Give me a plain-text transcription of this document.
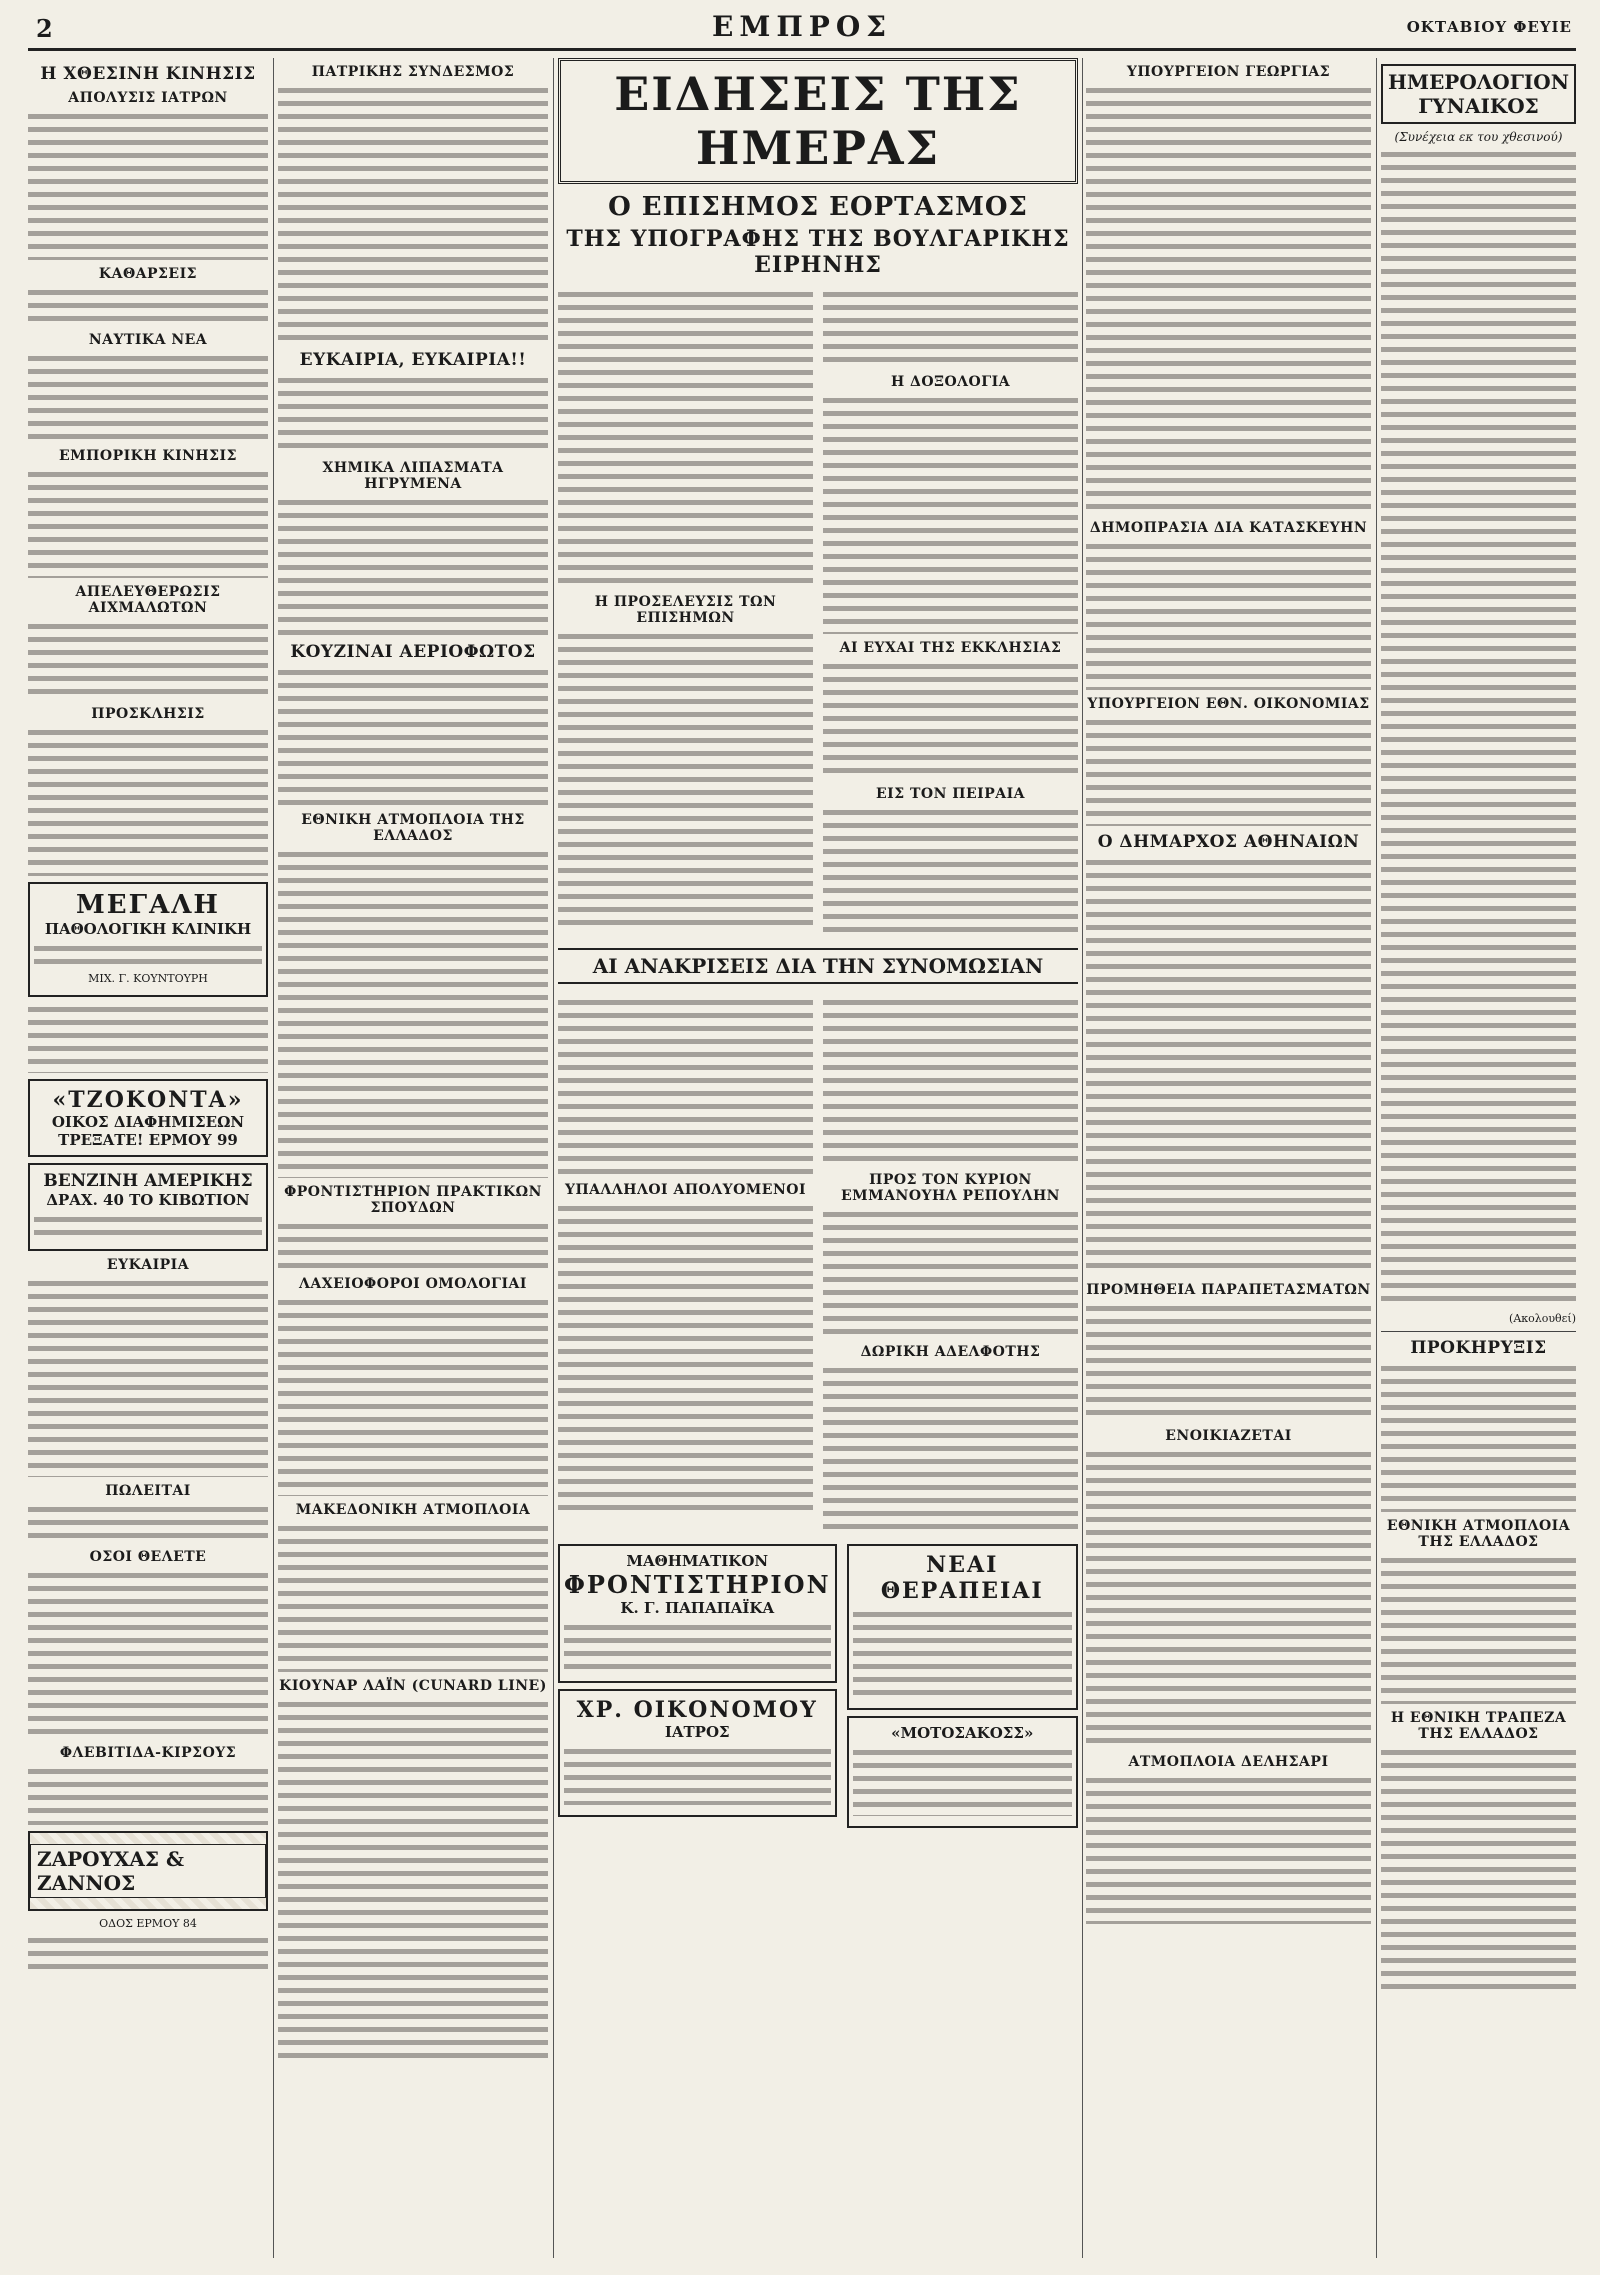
2	ΕΜΠΡΟΣ	ΟΚΤΑΒΙΟΥ ΦΕΥΙΕ
Η ΧΘΕΣΙΝΗ ΚΙΝΗΣΙΣ
ΑΠΟΛΥΣΙΣ ΙΑΤΡΩΝ
ΚΑΘΑΡΣΕΙΣ
ΝΑΥΤΙΚΑ ΝΕΑ
ΕΜΠΟΡΙΚΗ ΚΙΝΗΣΙΣ
ΑΠΕΛΕΥΘΕΡΩΣΙΣ ΑΙΧΜΑΛΩΤΩΝ
ΠΡΟΣΚΛΗΣΙΣ
ΜΕΓΑΛΗ
ΠΑΘΟΛΟΓΙΚΗ ΚΛΙΝΙΚΗ
ΜΙΧ. Γ. ΚΟΥΝΤΟΥΡΗ
«ΤΖΟΚΟΝΤΑ»
ΟΙΚΟΣ ΔΙΑΦΗΜΙΣΕΩΝ
ΤΡΕΞΑΤΕ! ΕΡΜΟΥ 99
ΒΕΝΖΙΝΗ ΑΜΕΡΙΚΗΣ
ΔΡΑΧ. 40 ΤΟ ΚΙΒΩΤΙΟΝ
ΕΥΚΑΙΡΙΑ
ΠΩΛΕΙΤΑΙ
ΟΣΟΙ ΘΕΛΕΤΕ
ΦΛΕΒΙΤΙΔΑ-ΚΙΡΣΟΥΣ
ΖΑΡΟΥΧΑΣ & ΖΑΝΝΟΣ
ΟΔΟΣ ΕΡΜΟΥ 84
ΠΑΤΡΙΚΗΣ ΣΥΝΔΕΣΜΟΣ
ΕΥΚΑΙΡΙΑ, ΕΥΚΑΙΡΙΑ!!
ΧΗΜΙΚΑ ΛΙΠΑΣΜΑΤΑ ΗΓΡΥΜΕΝΑ
ΚΟΥΖΙΝΑΙ ΑΕΡΙΟΦΩΤΟΣ
ΕΘΝΙΚΗ ΑΤΜΟΠΛΟΙΑ ΤΗΣ ΕΛΛΑΔΟΣ
ΦΡΟΝΤΙΣΤΗΡΙΟΝ ΠΡΑΚΤΙΚΩΝ ΣΠΟΥΔΩΝ
ΛΑΧΕΙΟΦΟΡΟΙ ΟΜΟΛΟΓΙΑΙ
ΜΑΚΕΔΟΝΙΚΗ ΑΤΜΟΠΛΟΙΑ
ΚΙΟΥΝΑΡ ΛΑΪΝ (CUNARD LINE)
ΕΙΔΗΣΕΙΣ ΤΗΣ ΗΜΕΡΑΣ
Ο ΕΠΙΣΗΜΟΣ ΕΟΡΤΑΣΜΟΣ
ΤΗΣ ΥΠΟΓΡΑΦΗΣ ΤΗΣ ΒΟΥΛΓΑΡΙΚΗΣ ΕΙΡΗΝΗΣ
Η ΠΡΟΣΕΛΕΥΣΙΣ ΤΩΝ ΕΠΙΣΗΜΩΝ
Η ΔΟΞΟΛΟΓΙΑ
ΑΙ ΕΥΧΑΙ ΤΗΣ ΕΚΚΛΗΣΙΑΣ
ΕΙΣ ΤΟΝ ΠΕΙΡΑΙΑ
ΑΙ ΑΝΑΚΡΙΣΕΙΣ ΔΙΑ ΤΗΝ ΣΥΝΟΜΩΣΙΑΝ
ΥΠΑΛΛΗΛΟΙ ΑΠΟΛΥΟΜΕΝΟΙ
ΠΡΟΣ ΤΟΝ ΚΥΡΙΟΝ ΕΜΜΑΝΟΥΗΛ ΡΕΠΟΥΛΗΝ
ΔΩΡΙΚΗ ΑΔΕΛΦΟΤΗΣ
ΜΑΘΗΜΑΤΙΚΟΝ
ΦΡΟΝΤΙΣΤΗΡΙΟΝ
Κ. Γ. ΠΑΠΑΠΑΪΚΑ
ΧΡ. ΟΙΚΟΝΟΜΟΥ
ΙΑΤΡΟΣ
ΝΕΑΙ ΘΕΡΑΠΕΙΑΙ
«ΜΟΤΟΣΑΚΟΣΣ»
ΥΠΟΥΡΓΕΙΟΝ ΓΕΩΡΓΙΑΣ
ΔΗΜΟΠΡΑΣΙΑ ΔΙΑ ΚΑΤΑΣΚΕΥΗΝ
ΥΠΟΥΡΓΕΙΟΝ ΕΘΝ. ΟΙΚΟΝΟΜΙΑΣ
Ο ΔΗΜΑΡΧΟΣ ΑΘΗΝΑΙΩΝ
ΠΡΟΜΗΘΕΙΑ ΠΑΡΑΠΕΤΑΣΜΑΤΩΝ
ΕΝΟΙΚΙΑΖΕΤΑΙ
ΑΤΜΟΠΛΟΙΑ ΔΕΛΗΣΑΡΙ
ΗΜΕΡΟΛΟΓΙΟΝ ΓΥΝΑΙΚΟΣ
(Συνέχεια εκ του χθεσινού)
(Ακολουθεί)
ΠΡΟΚΗΡΥΞΙΣ
ΕΘΝΙΚΗ ΑΤΜΟΠΛΟΙΑ ΤΗΣ ΕΛΛΑΔΟΣ
Η ΕΘΝΙΚΗ ΤΡΑΠΕΖΑ ΤΗΣ ΕΛΛΑΔΟΣ
